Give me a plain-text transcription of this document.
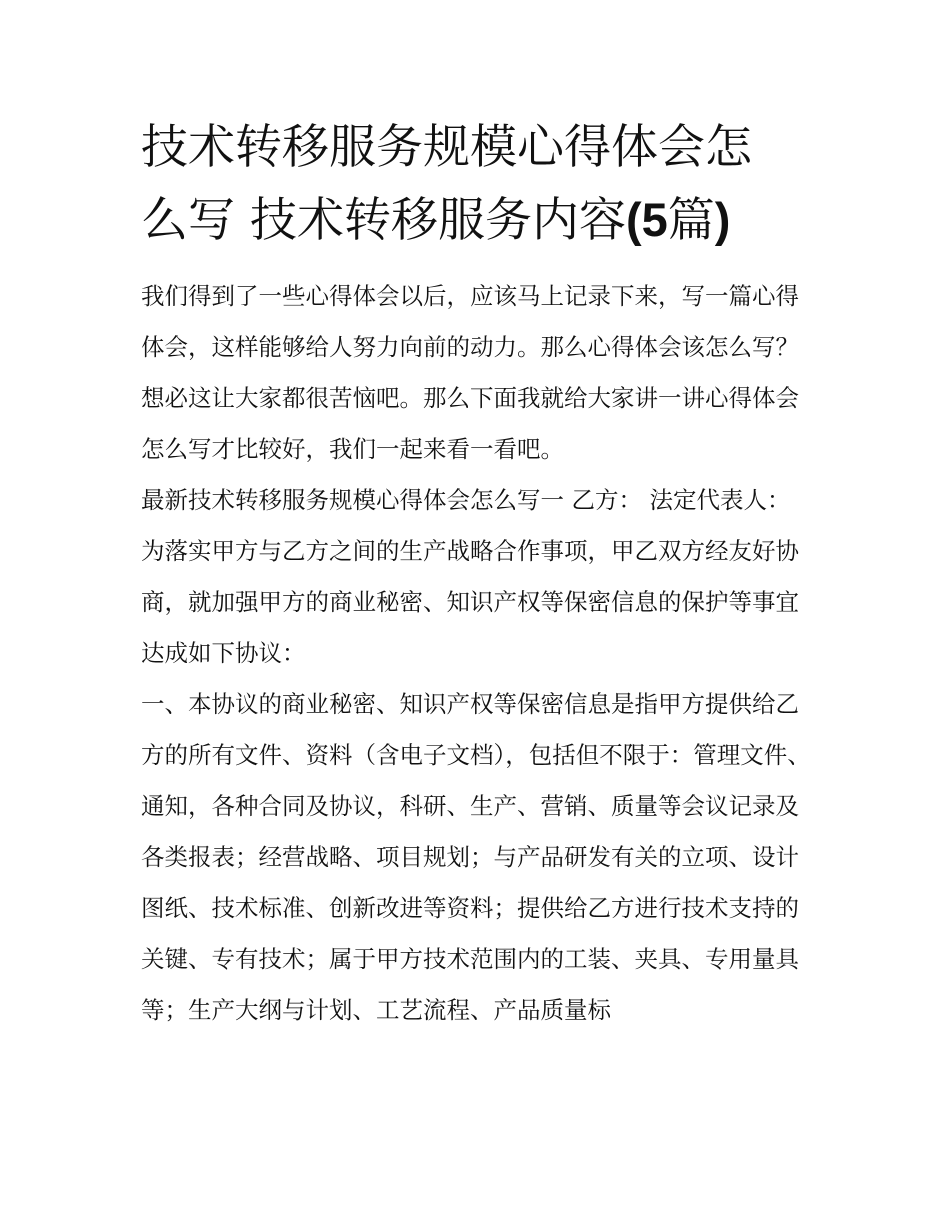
技术转移服务规模心得体会怎
么写 技术转移服务内容(5篇)

我们得到了一些心得体会以后，应该马上记录下来，写一篇心得体会，这样能够给人努力向前的动力。那么心得体会该怎么写？想必这让大家都很苦恼吧。那么下面我就给大家讲一讲心得体会怎么写才比较好，我们一起来看一看吧。

最新技术转移服务规模心得体会怎么写一 乙方： 法定代表人：

为落实甲方与乙方之间的生产战略合作事项，甲乙双方经友好协商，就加强甲方的商业秘密、知识产权等保密信息的保护等事宜达成如下协议：

一、本协议的商业秘密、知识产权等保密信息是指甲方提供给乙方的所有文件、资料（含电子文档），包括但不限于：管理文件、通知，各种合同及协议，科研、生产、营销、质量等会议记录及各类报表；经营战略、项目规划；与产品研发有关的立项、设计图纸、技术标准、创新改进等资料；提供给乙方进行技术支持的关键、专有技术；属于甲方技术范围内的工装、夹具、专用量具等；生产大纲与计划、工艺流程、产品质量标
